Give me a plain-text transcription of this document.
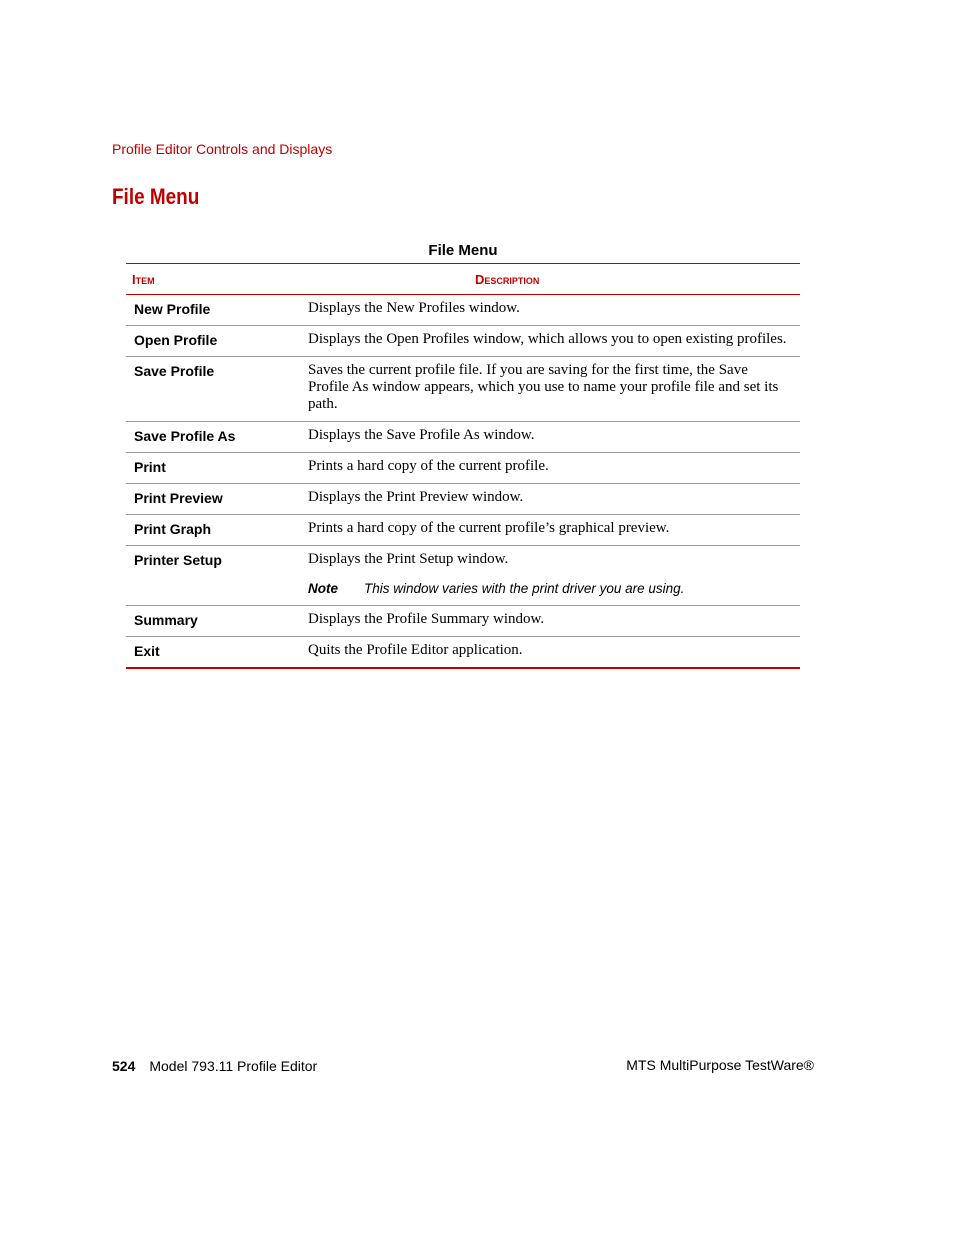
Profile Editor Controls and Displays
File Menu
File Menu
Item	Description
New Profile	Displays the New Profiles window.
Open Profile	Displays the Open Profiles window, which allows you to open existing profiles.
Save Profile	Saves the current profile file. If you are saving for the first time, the Save Profile As window appears, which you use to name your profile file and set its path.
Save Profile As	Displays the Save Profile As window.
Print	Prints a hard copy of the current profile.
Print Preview	Displays the Print Preview window.
Print Graph	Prints a hard copy of the current profile’s graphical preview.
Printer Setup	Displays the Print Setup window.
Note This window varies with the print driver you are using.

Summary	Displays the Profile Summary window.
Exit	Quits the Profile Editor application.
524 Model 793.11 Profile Editor	MTS MultiPurpose TestWare®
